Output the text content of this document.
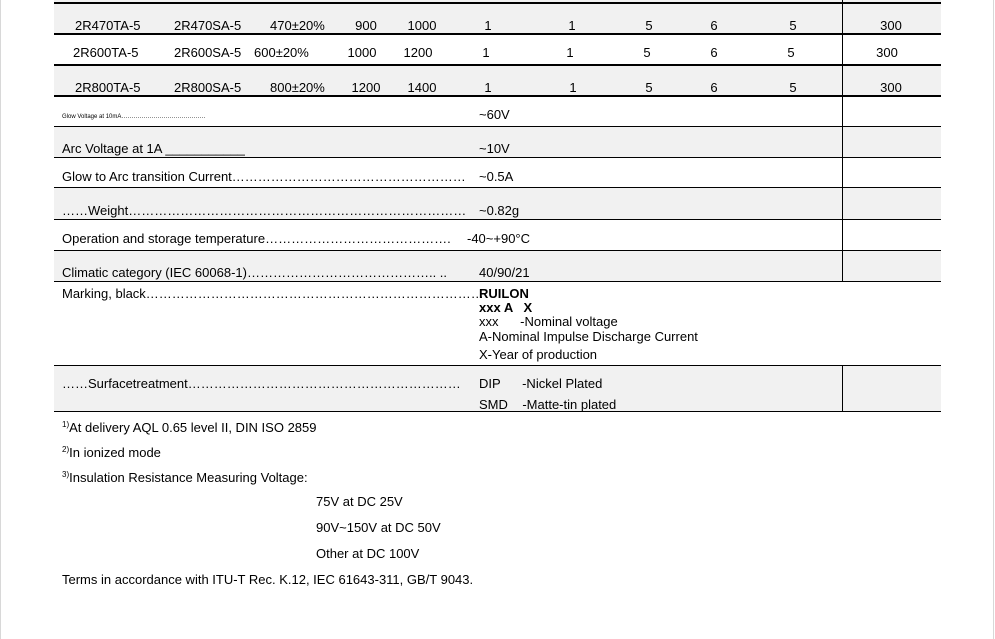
2R470TA-5	2R470SA-5 470±20% 900 1000	1	1	5	6	5	300
2R600TA-5	2R600SA-5 600±20%	1000 1200	1	1	5	6	5	300
2R800TA-5	2R800SA-5 800±20% 1200 1400	1	1	5	6	5	300
Glow Voltage at 10mA……………………………………	~60V
Arc Voltage at 1A ___________	~10V
Glow to Arc transition Current……………………………………………… ~0.5A
……Weight…………………………………………………………………… ~0.82g
Operation and storage temperature……………………………………. -40~+90°C
Climatic category (IEC 60068-1)…………………………………….. .. 40/90/21
Marking, black……………………………………………………………………
RUILON
xxx A   X
xxx      -Nominal voltage
A-Nominal Impulse Discharge Current
X-Year of production
……Surfacetreatment……………………………………………………… DIP      -Nickel Plated
SMD    -Matte-tin plated
$^{1)}$At delivery AQL 0.65 level II, DIN ISO 2859
$^{2)}$In ionized mode
$^{3)}$Insulation Resistance Measuring Voltage:
75V at DC 25V
90V~150V at DC 50V
Other at DC 100V
Terms in accordance with ITU-T Rec. K.12, IEC 61643-311, GB/T 9043.
